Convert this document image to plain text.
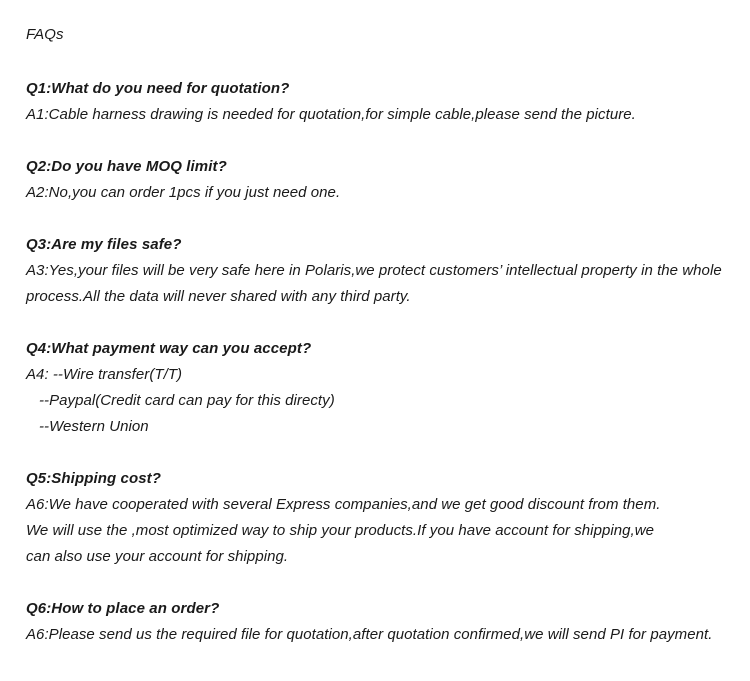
FAQs
Q1:What do you need for quotation?
A1:Cable harness drawing is needed for quotation,for simple cable,please send the picture.
Q2:Do you have MOQ limit?
A2:No,you can order 1pcs if you just need one.
Q3:Are my files safe?
A3:Yes,your files will be very safe here in Polaris,we protect customers’ intellectual property in the whole
process.All the data will never shared with any third party.
Q4:What payment way can you accept?
A4: --Wire transfer(T/T)
--Paypal(Credit card can pay for this directy)
--Western Union
Q5:Shipping cost?
A6:We have cooperated with several Express companies,and we get good discount from them.
We will use the ,most optimized way to ship your products.If you have account for shipping,we
can also use your account for shipping.
Q6:How to place an order?
A6:Please send us the required file for quotation,after quotation confirmed,we will send PI for payment.
